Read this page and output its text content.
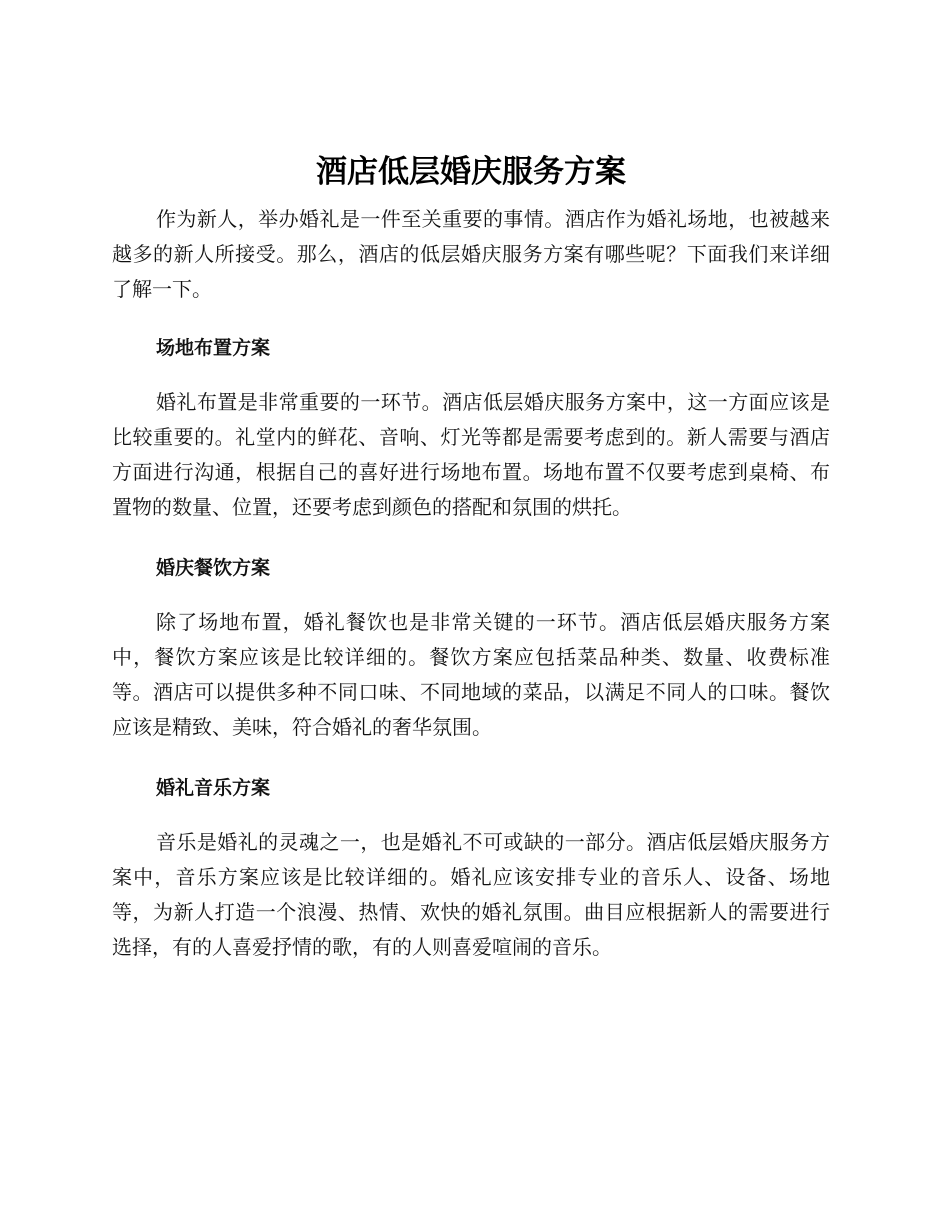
酒店低层婚庆服务方案

作为新人，举办婚礼是一件至关重要的事情。酒店作为婚礼场地，也被越来越多的新人所接受。那么，酒店的低层婚庆服务方案有哪些呢？下面我们来详细了解一下。

场地布置方案

婚礼布置是非常重要的一环节。酒店低层婚庆服务方案中，这一方面应该是比较重要的。礼堂内的鲜花、音响、灯光等都是需要考虑到的。新人需要与酒店方面进行沟通，根据自己的喜好进行场地布置。场地布置不仅要考虑到桌椅、布置物的数量、位置，还要考虑到颜色的搭配和氛围的烘托。

婚庆餐饮方案

除了场地布置，婚礼餐饮也是非常关键的一环节。酒店低层婚庆服务方案中，餐饮方案应该是比较详细的。餐饮方案应包括菜品种类、数量、收费标准等。酒店可以提供多种不同口味、不同地域的菜品，以满足不同人的口味。餐饮应该是精致、美味，符合婚礼的奢华氛围。

婚礼音乐方案

音乐是婚礼的灵魂之一，也是婚礼不可或缺的一部分。酒店低层婚庆服务方案中，音乐方案应该是比较详细的。婚礼应该安排专业的音乐人、设备、场地等，为新人打造一个浪漫、热情、欢快的婚礼氛围。曲目应根据新人的需要进行选择，有的人喜爱抒情的歌，有的人则喜爱喧闹的音乐。
